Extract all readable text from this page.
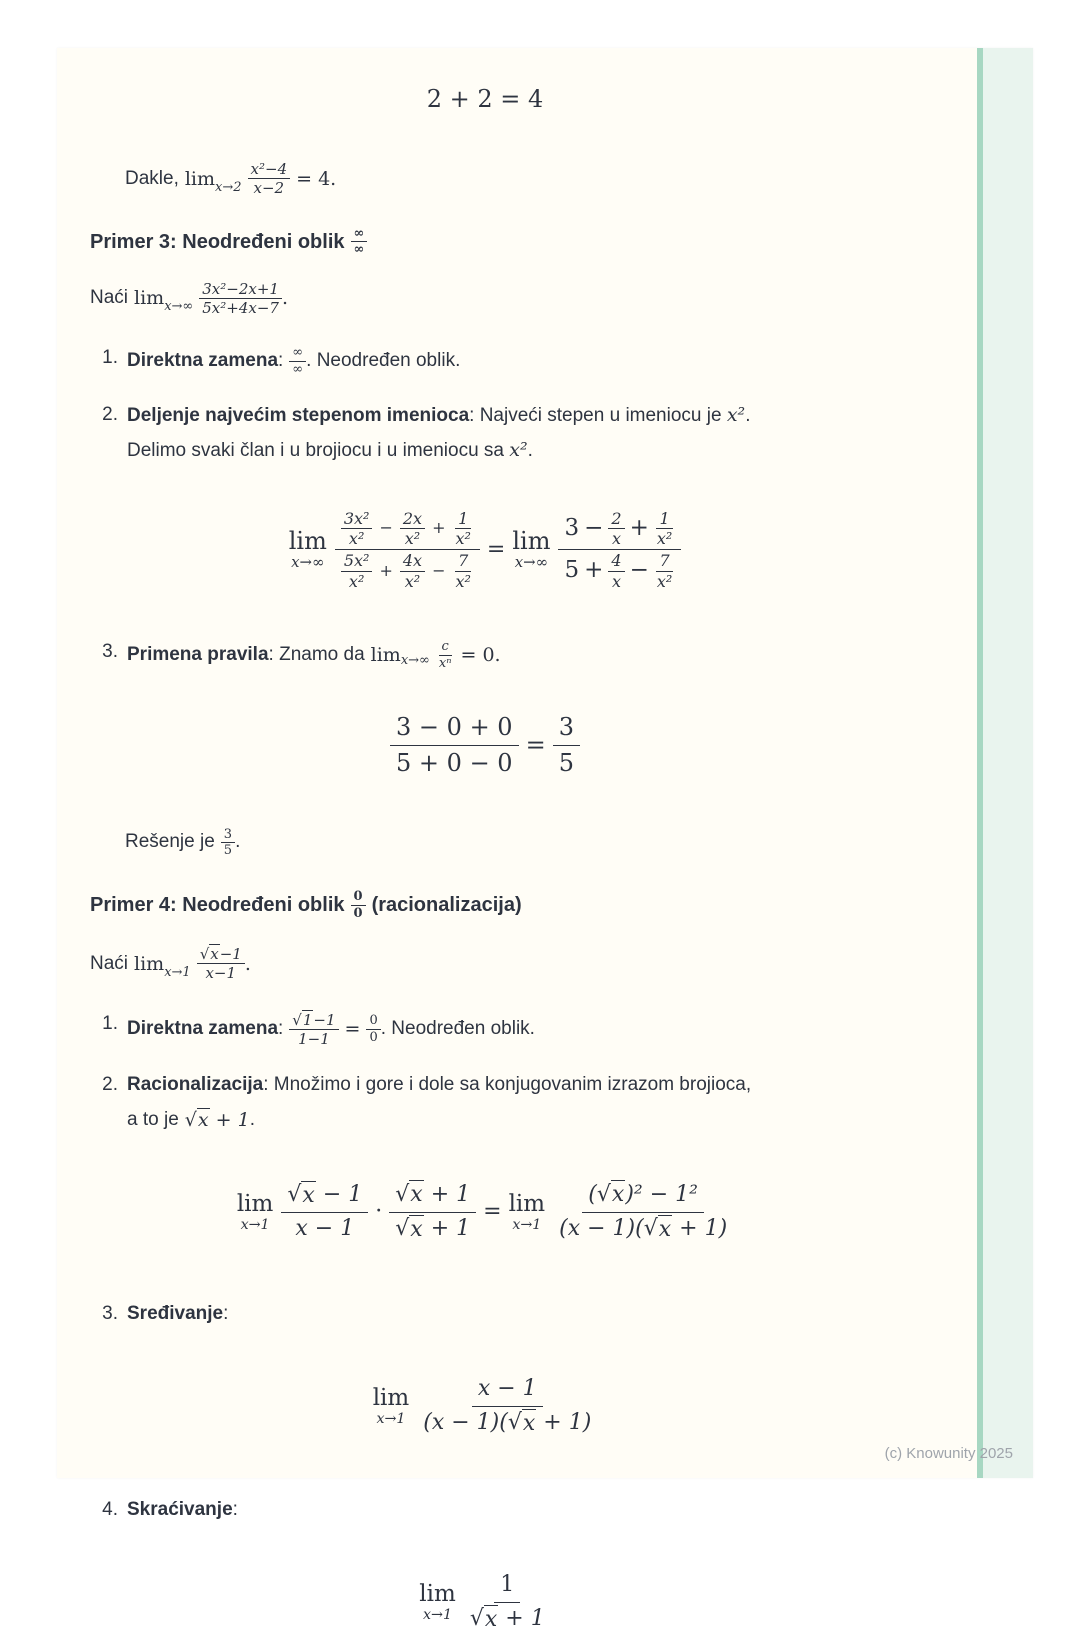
2 + 2 = 4

Dakle, $\lim x\to 2 \frac{\text{x²−4}}{x-2} = 4$.

Primer 3: Neodređeni oblik ∞
∞

Naći $\lim x\to\infty \frac{\text{3x²−2x+1}}{\text{5x²+4x−7}}$ .

1. Direktna zamena : ∞
∞ . Neodređen oblik.
2. Deljenje najvećim stepenom imenioca: Najveći stepen u imeniocu je x².

Delimo svaki član i u brojiocu i u imeniocu sa x².

lim
x→∞
$\frac{\text{3x²}}{\text{x²}} - \frac{2x}{\text{x²}} + \frac{1}{\text{x²}}$
$\frac{\text{5x²}}{\text{x²}} + \frac{4x}{\text{x²}} - \frac{7}{\text{x²}}$
= lim
x→∞
$3 - \frac{2}{x} + \frac{1}{\text{x²}}$
$5 + \frac{4}{x} - \frac{7}{\text{x²}}$
3. Primena pravila : Znamo da $\lim x\to\infty \frac{c}{\text{xⁿ}} = 0$.
$\frac{3 - 0 + 0}{5 + 0 - 0} = \frac{3}{5}$

Rešenje je $\frac{3}{5}$ .

Primer 4: Neodređeni oblik $\frac{0}{0}$ (racionalizacija)

Naći $\lim x\to 1 \frac{√x-1}{x-1}$ .

1. Direktna zamena : $\frac{√1-1}{1-1} = \frac{0}{0}$ . Neodređen oblik.
2. Racionalizacija: Množimo i gore i dole sa konjugovanim izrazom brojioca,

a to je √x + 1 .

lim
x→1 √ x
− 1
x − 1 · √ x
+ 1
√ x
+ 1 = lim
x→1 ( √ x )² − 1²
(x − 1)( √ x
+ 1)
3. Sređivanje:
lim
x→1 x − 1
(x − 1)( √ x
+ 1)
4. Skraćivanje:
lim
x→1 1
√ x
+ 1
(c) Knowunity 2025
